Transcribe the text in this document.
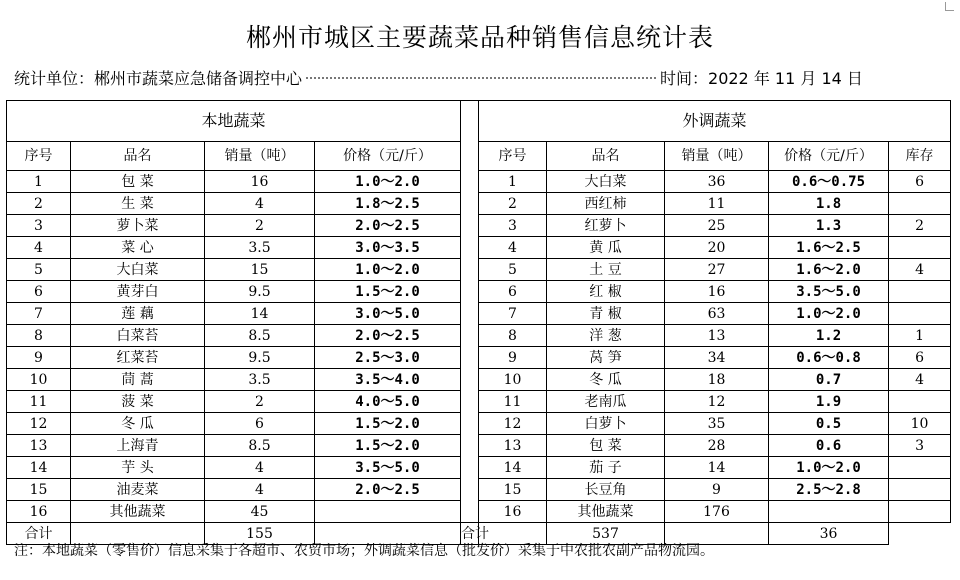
郴州市城区主要蔬菜品种销售信息统计表
统计单位：郴州市蔬菜应急储备调控中心	时间：2022 年 11 月 14 日
本地蔬菜					外调蔬菜				
序号	品名	销量（吨）	价格（元/斤）		序号	品名	销量（吨）	价格（元/斤）	库存
1	包 菜	16	1.0～2.0		1	大白菜	36	0.6～0.75	6
2	生 菜	4	1.8～2.5		2	西红柿	11	1.8	
3	萝卜菜	2	2.0～2.5		3	红萝卜	25	1.3	2
4	菜 心	3.5	3.0～3.5		4	黄 瓜	20	1.6～2.5	
5	大白菜	15	1.0～2.0		5	土 豆	27	1.6～2.0	4
6	黄芽白	9.5	1.5～2.0		6	红 椒	16	3.5～5.0	
7	莲 藕	14	3.0～5.0		7	青 椒	63	1.0～2.0	
8	白菜苔	8.5	2.0～2.5		8	洋 葱	13	1.2	1
9	红菜苔	9.5	2.5～3.0		9	莴 笋	34	0.6～0.8	6
10	茼 蒿	3.5	3.5～4.0		10	冬 瓜	18	0.7	4
11	菠 菜	2	4.0～5.0		11	老南瓜	12	1.9	
12	冬 瓜	6	1.5～2.0		12	白萝卜	35	0.5	10
13	上海青	8.5	1.5～2.0		13	包 菜	28	0.6	3
14	芋 头	4	3.5～5.0		14	茄 子	14	1.0～2.0	
15	油麦菜	4	2.0～2.5		15	长豆角	9	2.5～2.8	
16	其他蔬菜	45			16	其他蔬菜	176		
合计		155		合计		537		36	
注：本地蔬菜（零售价）信息采集于各超市、农贸市场；外调蔬菜信息（批发价）采集于中农批农副产品物流园。
